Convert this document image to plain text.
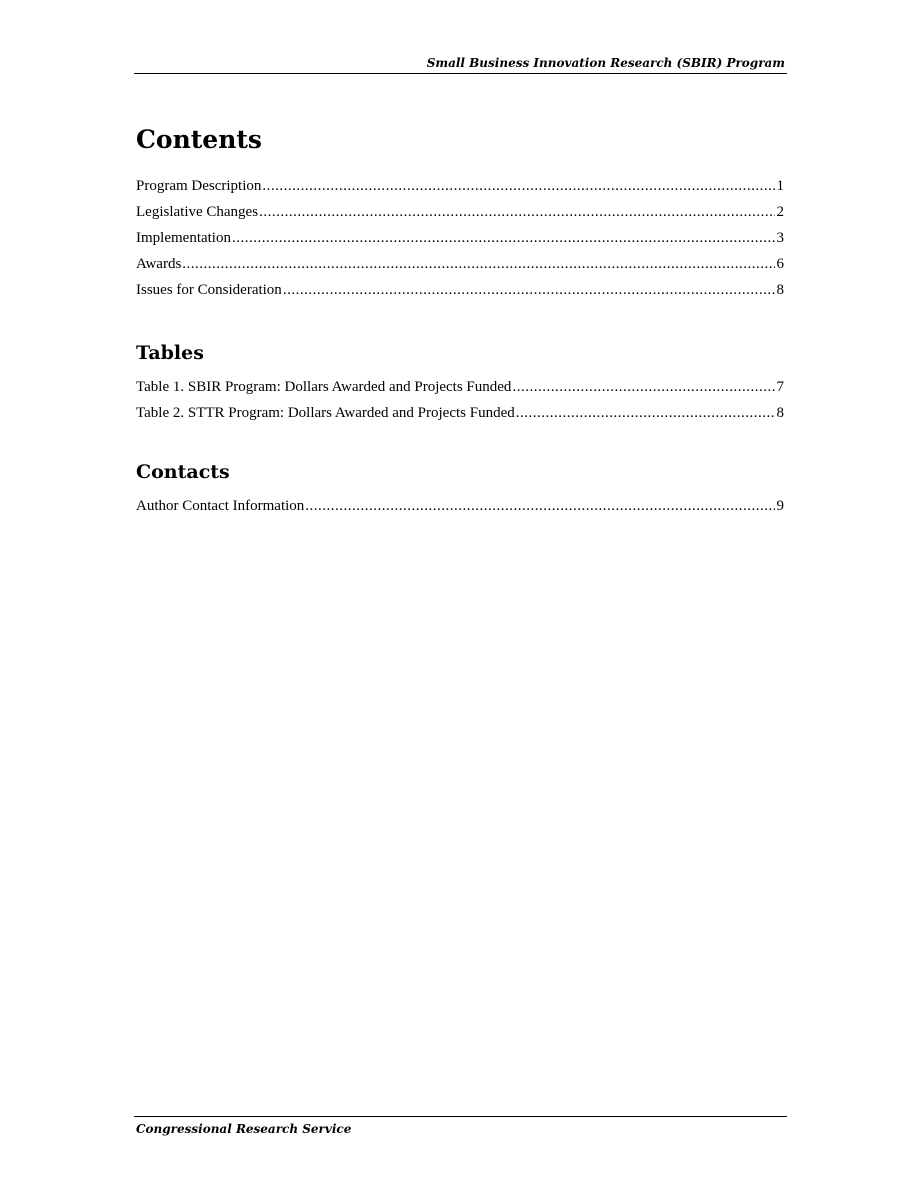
Small Business Innovation Research (SBIR) Program
Contents
Program Description .....	1
Legislative Changes .....	2
Implementation .....	3
Awards .....	6
Issues for Consideration .....	8
Tables
Table 1. SBIR Program: Dollars Awarded and Projects Funded .....	7
Table 2. STTR Program: Dollars Awarded and Projects Funded .....	8
Contacts
Author Contact Information .....	9
Congressional Research Service
